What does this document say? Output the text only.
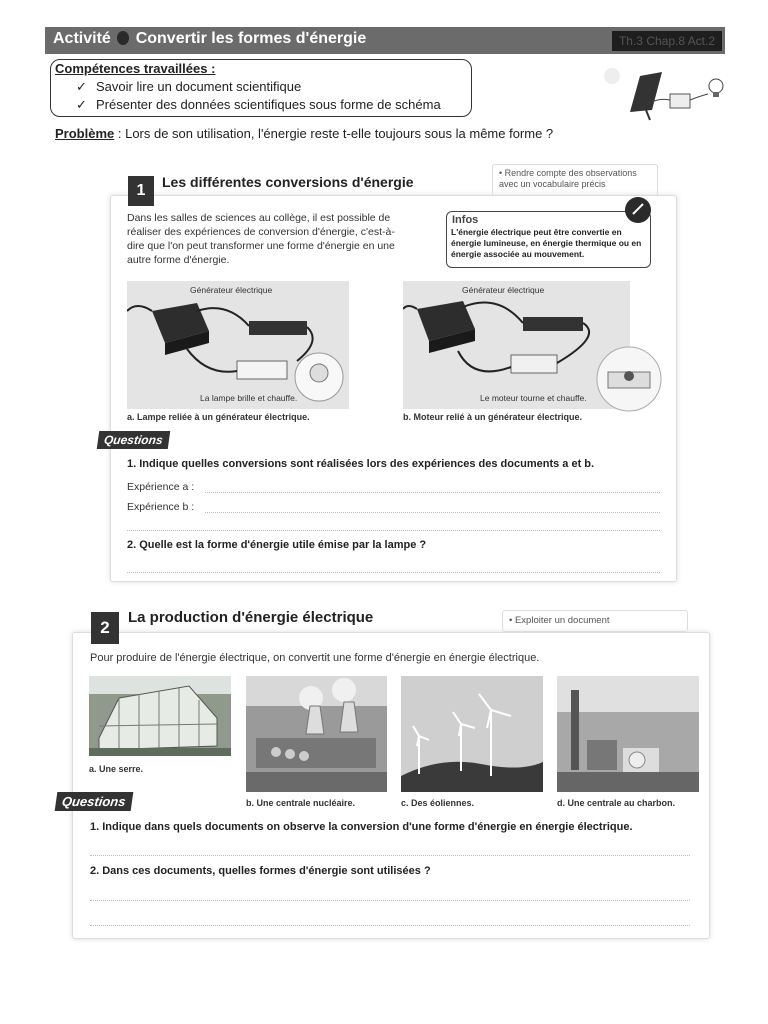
Activité Convertir les formes d'énergie	Th.3 Chap.8 Act.2
Compétences travaillées :
✓ Savoir lire un document scientifique
✓ Présenter des données scientifiques sous forme de schéma
Problème : Lors de son utilisation, l'énergie reste t-elle toujours sous la même forme ?
1	Les différentes conversions d'énergie
• Rendre compte des observations avec un vocabulaire précis
Dans les salles de sciences au collège, il est possible de réaliser des expériences de conversion d'énergie, c'est-à-dire que l'on peut transformer une forme d'énergie en une autre forme d'énergie.
Infos
L'énergie électrique peut être convertie en énergie lumineuse, en énergie thermique ou en énergie associée au mouvement.
Générateur électrique
La lampe brille et chauffe.
a. Lampe reliée à un générateur électrique.
Générateur électrique
Le moteur tourne et chauffe.
b. Moteur relié à un générateur électrique.
Questions
1. Indique quelles conversions sont réalisées lors des expériences des documents a et b.
Expérience a :
Expérience b :
2. Quelle est la forme d'énergie utile émise par la lampe ?
2
La production d'énergie électrique	• Exploiter un document
Pour produire de l'énergie électrique, on convertit une forme d'énergie en énergie électrique.
a. Une serre.
b. Une centrale nucléaire.	c. Des éoliennes.	d. Une centrale au charbon.
Questions
1. Indique dans quels documents on observe la conversion d'une forme d'énergie en énergie électrique.
2. Dans ces documents, quelles formes d'énergie sont utilisées ?
